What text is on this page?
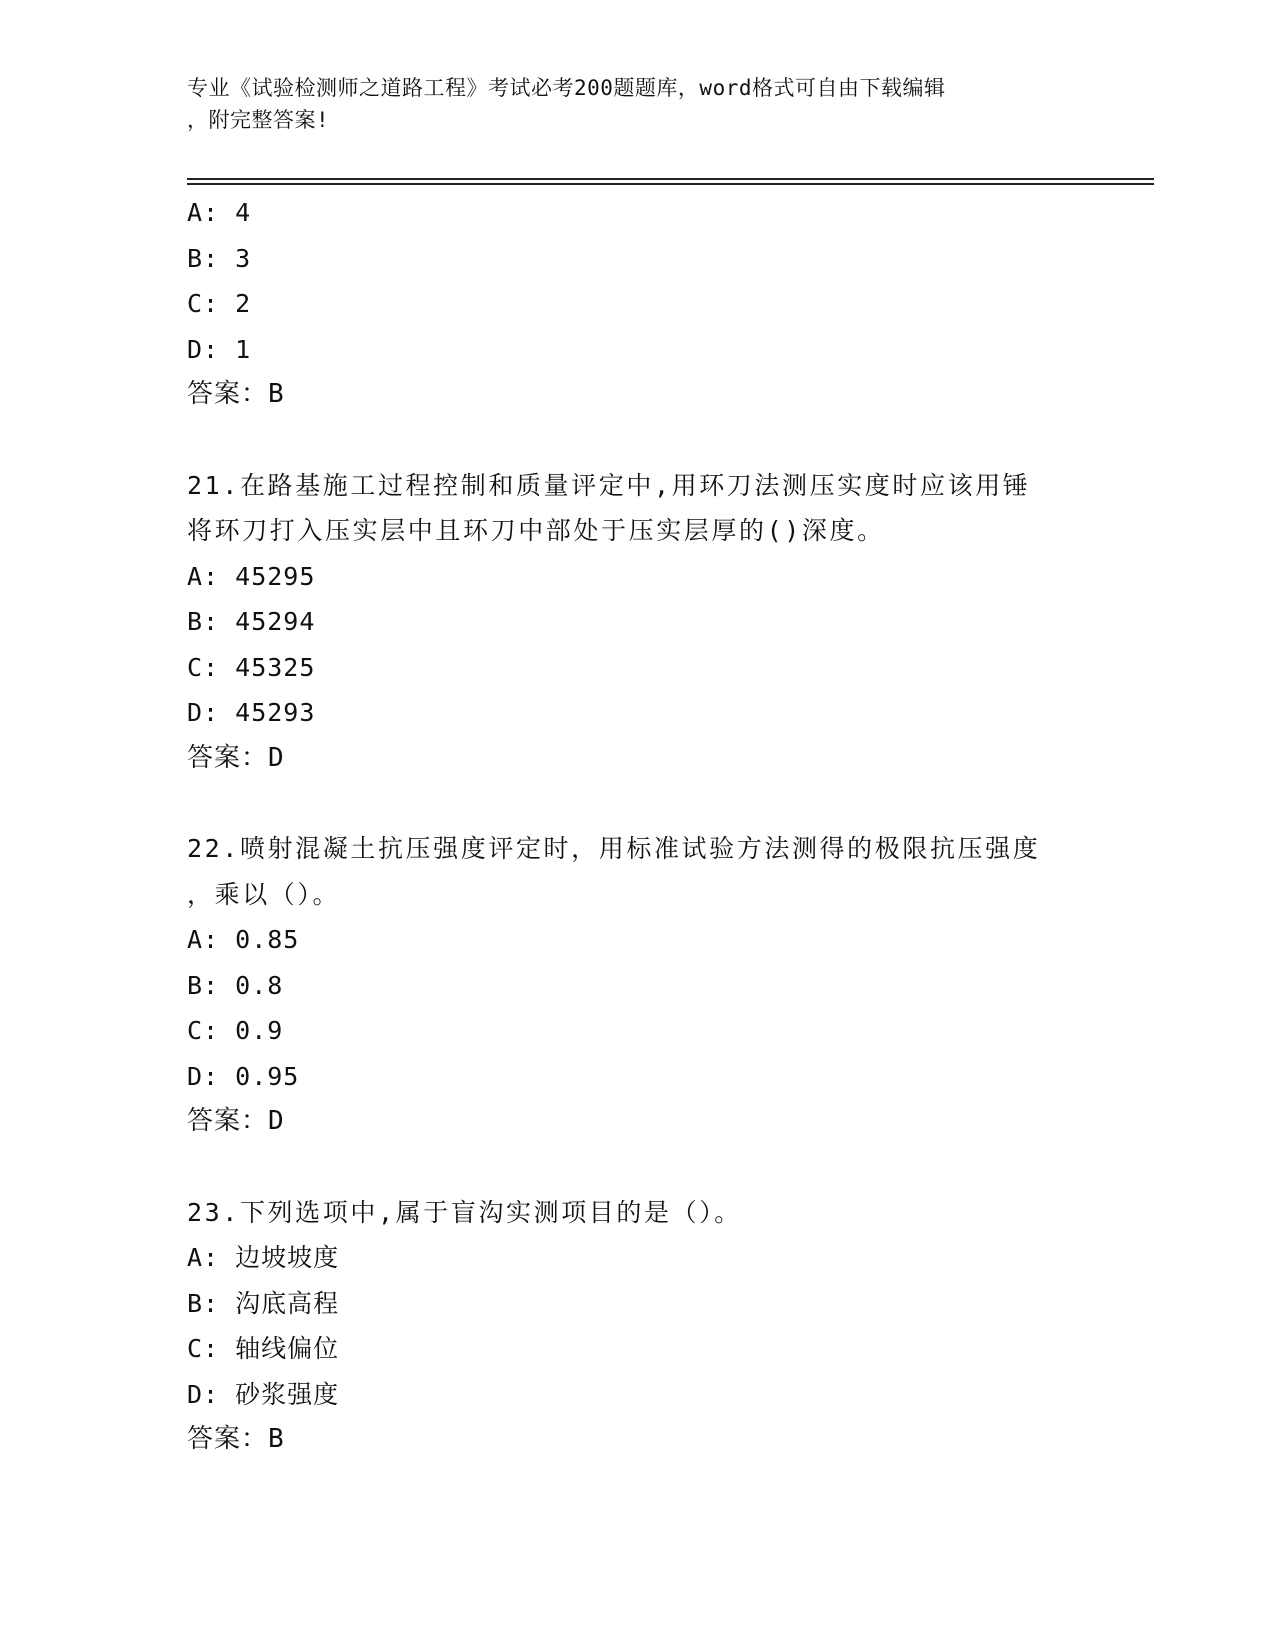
专业《试验检测师之道路工程》考试必考200题题库，word格式可自由下载编辑
，附完整答案!
A: 4
B: 3
C: 2
D: 1
答案：B
21.在路基施工过程控制和质量评定中,用环刀法测压实度时应该用锤
将环刀打入压实层中且环刀中部处于压实层厚的()深度。
A: 45295
B: 45294
C: 45325
D: 45293
答案：D
22.喷射混凝土抗压强度评定时，用标准试验方法测得的极限抗压强度
，乘以（）。
A: 0.85
B: 0.8
C: 0.9
D: 0.95
答案：D
23.下列选项中,属于盲沟实测项目的是（）。
A: 边坡坡度
B: 沟底高程
C: 轴线偏位
D: 砂浆强度
答案：B
